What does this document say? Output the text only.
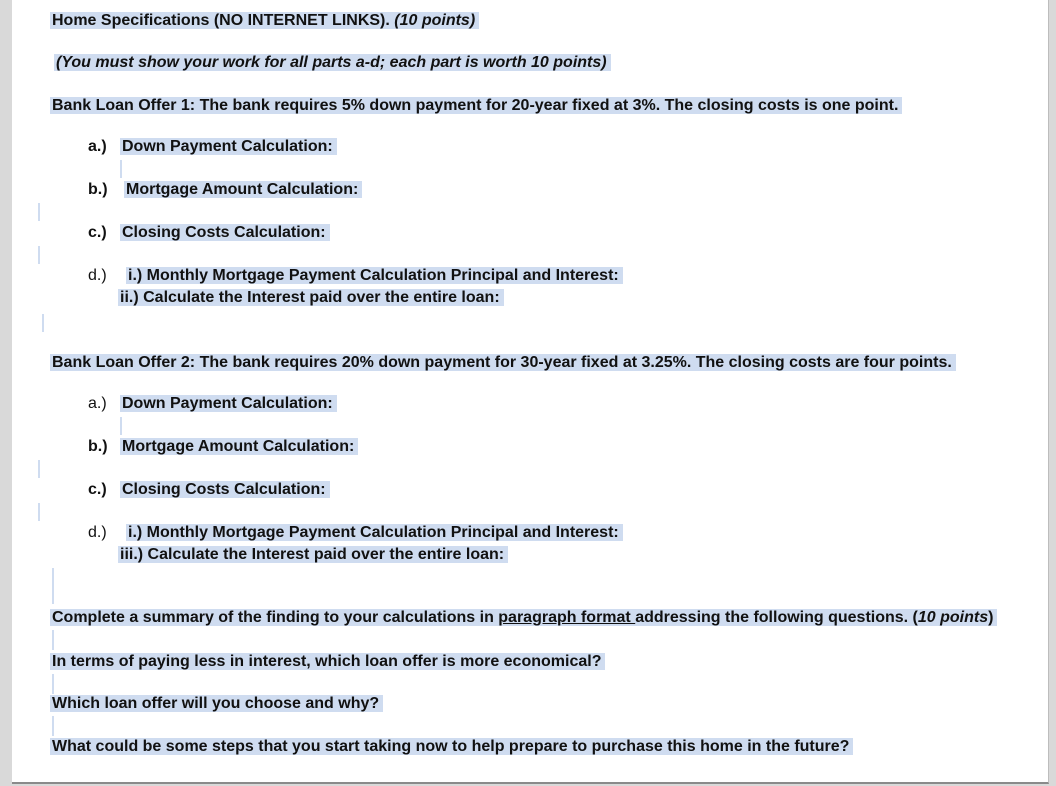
Home Specifications (NO INTERNET LINKS). (10 points)
(You must show your work for all parts a-d; each part is worth 10 points)
Bank Loan Offer 1: The bank requires 5% down payment for 20-year fixed at 3%. The closing costs is one point.
a.) Down Payment Calculation:
b.) Mortgage Amount Calculation:
c.) Closing Costs Calculation:
d.) i.) Monthly Mortgage Payment Calculation Principal and Interest:
ii.) Calculate the Interest paid over the entire loan:
Bank Loan Offer 2: The bank requires 20% down payment for 30-year fixed at 3.25%. The closing costs are four points.
a.) Down Payment Calculation:
b.) Mortgage Amount Calculation:
c.) Closing Costs Calculation:
d.) i.) Monthly Mortgage Payment Calculation Principal and Interest:
iii.) Calculate the Interest paid over the entire loan:
Complete a summary of the finding to your calculations in paragraph format addressing the following questions. (10 points)
In terms of paying less in interest, which loan offer is more economical?
Which loan offer will you choose and why?
What could be some steps that you start taking now to help prepare to purchase this home in the future?
